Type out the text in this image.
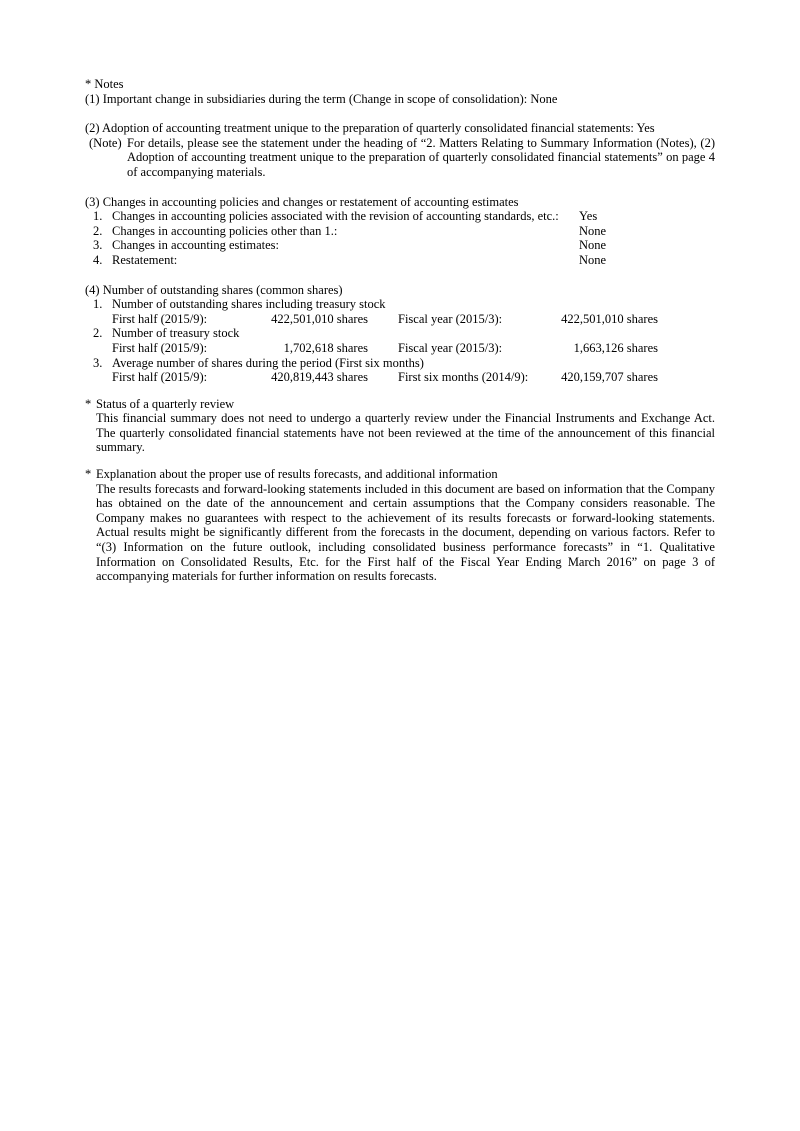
* Notes
(1) Important change in subsidiaries during the term (Change in scope of consolidation): None
(2) Adoption of accounting treatment unique to the preparation of quarterly consolidated financial statements: Yes
(Note) For details, please see the statement under the heading of “2. Matters Relating to Summary Information (Notes), (2) Adoption of accounting treatment unique to the preparation of quarterly consolidated financial statements” on page 4 of accompanying materials.
(3) Changes in accounting policies and changes or restatement of accounting estimates
1. Changes in accounting policies associated with the revision of accounting standards, etc.: Yes
2. Changes in accounting policies other than 1.:	None
3. Changes in accounting estimates:	None
4. Restatement:	None
(4) Number of outstanding shares (common shares)
1. Number of outstanding shares including treasury stock
First half (2015/9):	422,501,010 shares	Fiscal year (2015/3):	422,501,010 shares
2. Number of treasury stock
First half (2015/9):	1,702,618 shares	Fiscal year (2015/3):	1,663,126 shares
3. Average number of shares during the period (First six months)
First half (2015/9):	420,819,443 shares	First six months (2014/9):	420,159,707 shares
* Status of a quarterly review
This financial summary does not need to undergo a quarterly review under the Financial Instruments and Exchange Act. The quarterly consolidated financial statements have not been reviewed at the time of the announcement of this financial summary.
* Explanation about the proper use of results forecasts, and additional information
The results forecasts and forward-looking statements included in this document are based on information that the Company has obtained on the date of the announcement and certain assumptions that the Company considers reasonable. The Company makes no guarantees with respect to the achievement of its results forecasts or forward-looking statements. Actual results might be significantly different from the forecasts in the document, depending on various factors. Refer to “(3) Information on the future outlook, including consolidated business performance forecasts” in “1. Qualitative Information on Consolidated Results, Etc. for the First half of the Fiscal Year Ending March 2016” on page 3 of accompanying materials for further information on results forecasts.
